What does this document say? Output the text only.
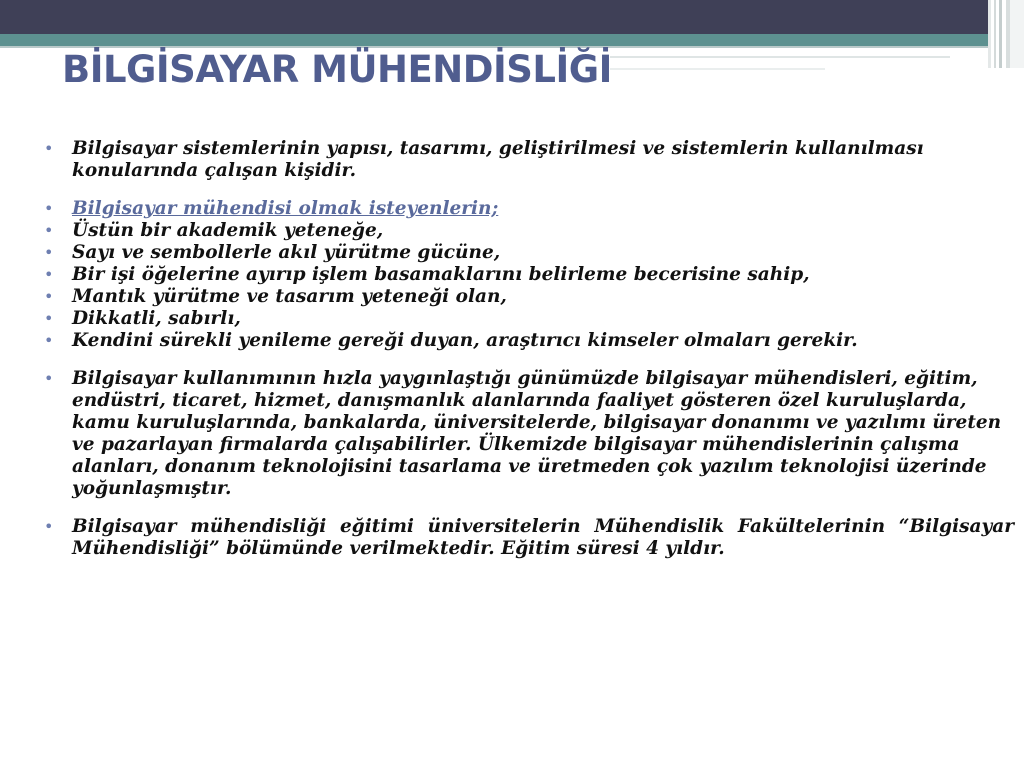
BİLGİSAYAR MÜHENDİSLİĞİ
• Bilgisayar sistemlerinin yapısı, tasarımı, geliştirilmesi ve sistemlerin kullanılması konularında çalışan kişidir.
• Bilgisayar mühendisi olmak isteyenlerin;
• Üstün bir akademik yeteneğe,
• Sayı ve sembollerle akıl yürütme gücüne,
• Bir işi öğelerine ayırıp işlem basamaklarını belirleme becerisine sahip,
• Mantık yürütme ve tasarım yeteneği olan,
• Dikkatli, sabırlı,
• Kendini sürekli yenileme gereği duyan, araştırıcı kimseler olmaları gerekir.
• Bilgisayar kullanımının hızla yaygınlaştığı günümüzde bilgisayar mühendisleri, eğitim, endüstri, ticaret, hizmet, danışmanlık alanlarında faaliyet gösteren özel kuruluşlarda, kamu kuruluşlarında, bankalarda, üniversitelerde, bilgisayar donanımı ve yazılımı üreten ve pazarlayan firmalarda çalışabilirler. Ülkemizde bilgisayar mühendislerinin çalışma alanları, donanım teknolojisini tasarlama ve üretmeden çok yazılım teknolojisi üzerinde yoğunlaşmıştır.
• Bilgisayar mühendisliği eğitimi üniversitelerin Mühendislik Fakültelerinin “Bilgisayar Mühendisliği” bölümünde verilmektedir. Eğitim süresi 4 yıldır.
